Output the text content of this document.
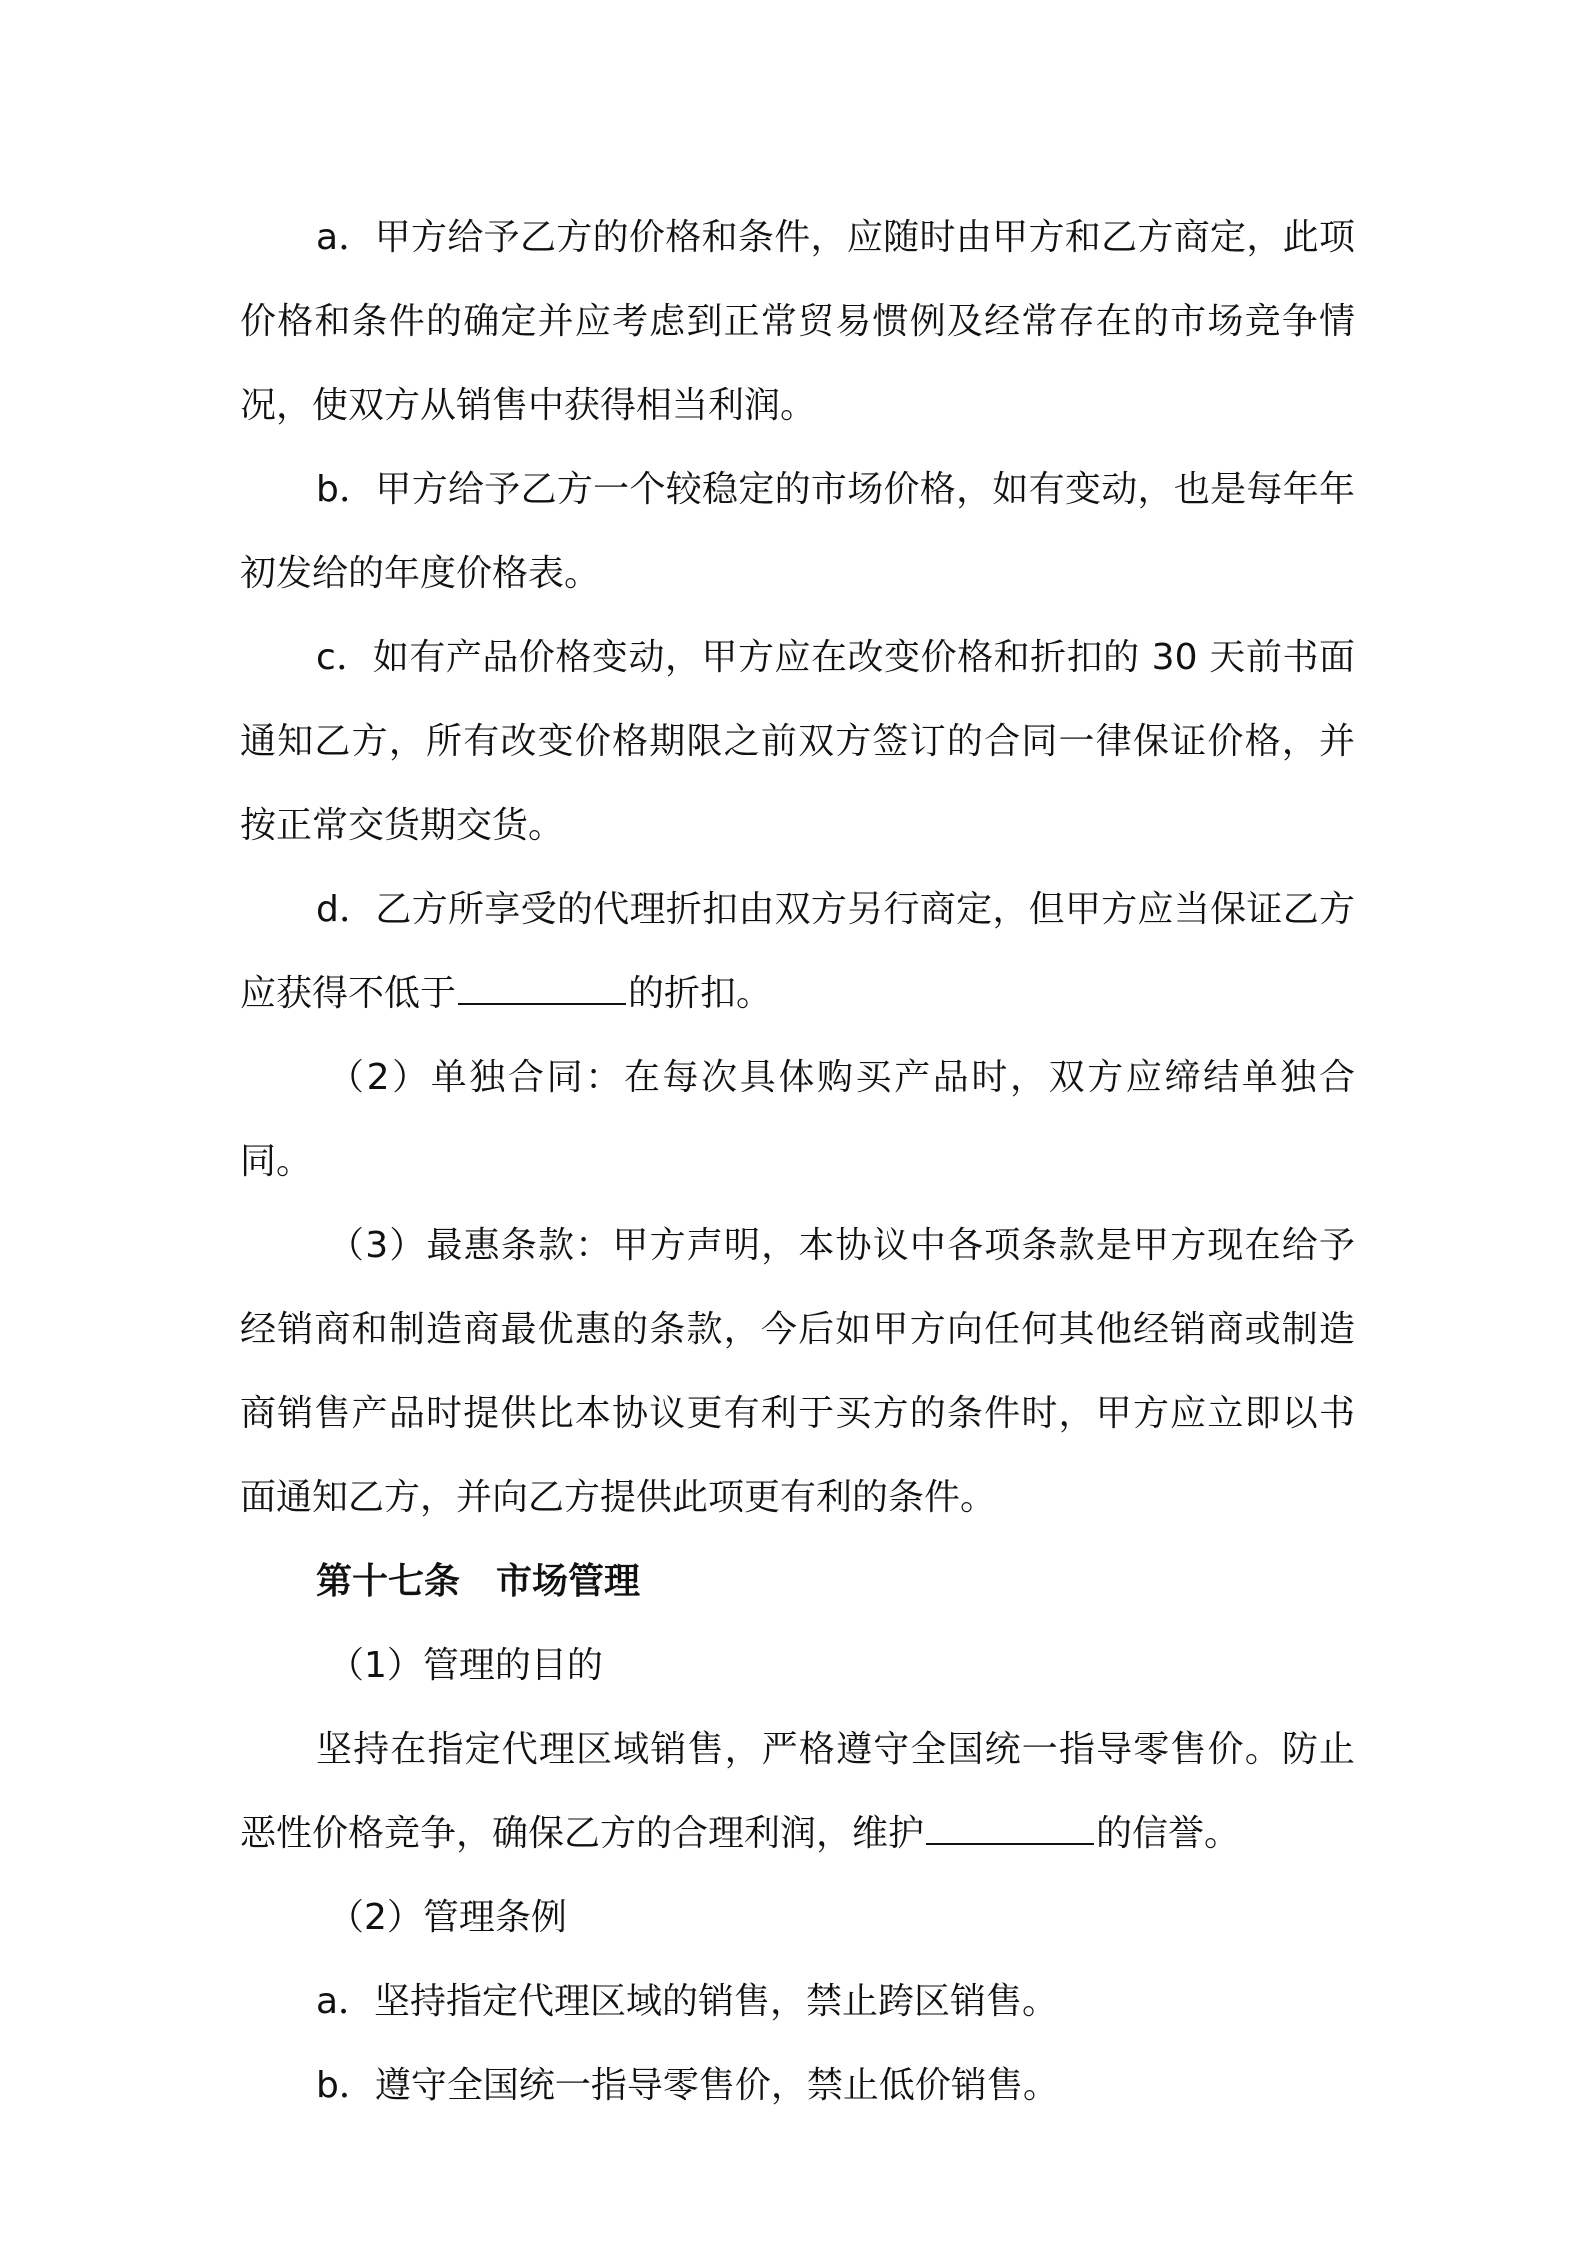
a．甲方给予乙方的价格和条件，应随时由甲方和乙方商定，此项价格和条件的确定并应考虑到正常贸易惯例及经常存在的市场竞争情况，使双方从销售中获得相当利润。

b．甲方给予乙方一个较稳定的市场价格，如有变动，也是每年年初发给的年度价格表。

c．如有产品价格变动，甲方应在改变价格和折扣的 30 天前书面通知乙方，所有改变价格期限之前双方签订的合同一律保证价格，并按正常交货期交货。

d．乙方所享受的代理折扣由双方另行商定，但甲方应当保证乙方应获得不低于	的折扣。

（2）单独合同：在每次具体购买产品时，双方应缔结单独合同。

（3）最惠条款：甲方声明，本协议中各项条款是甲方现在给予经销商和制造商最优惠的条款，今后如甲方向任何其他经销商或制造商销售产品时提供比本协议更有利于买方的条件时，甲方应立即以书面通知乙方，并向乙方提供此项更有利的条件。

第十七条　市场管理

（1）管理的目的

坚持在指定代理区域销售，严格遵守全国统一指导零售价。防止恶性价格竞争，确保乙方的合理利润，维护	的信誉。

（2）管理条例

a．坚持指定代理区域的销售，禁止跨区销售。

b．遵守全国统一指导零售价，禁止低价销售。
